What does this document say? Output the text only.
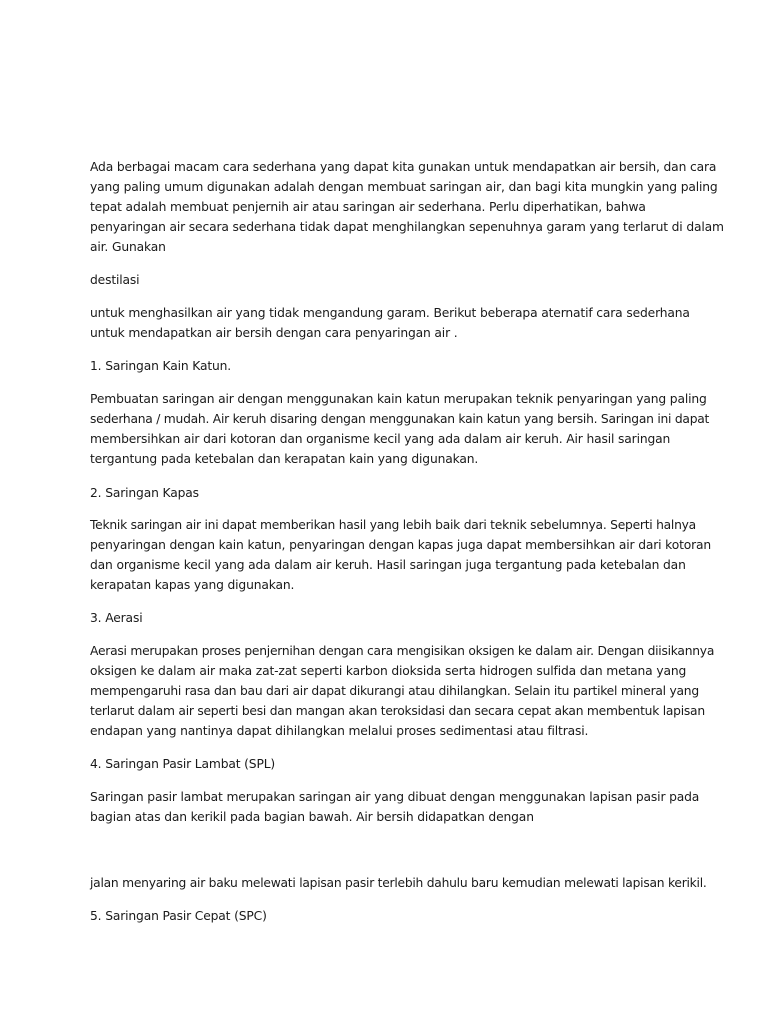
Ada berbagai macam cara sederhana yang dapat kita gunakan untuk mendapatkan air bersih, dan cara

yang paling umum digunakan adalah dengan membuat saringan air, dan bagi kita mungkin yang paling

tepat adalah membuat penjernih air atau saringan air sederhana. Perlu diperhatikan, bahwa

penyaringan air secara sederhana tidak dapat menghilangkan sepenuhnya garam yang terlarut di dalam

air. Gunakan

destilasi

untuk menghasilkan air yang tidak mengandung garam. Berikut beberapa aternatif cara sederhana

untuk mendapatkan air bersih dengan cara penyaringan air .

1. Saringan Kain Katun.

Pembuatan saringan air dengan menggunakan kain katun merupakan teknik penyaringan yang paling

sederhana / mudah. Air keruh disaring dengan menggunakan kain katun yang bersih. Saringan ini dapat

membersihkan air dari kotoran dan organisme kecil yang ada dalam air keruh. Air hasil saringan

tergantung pada ketebalan dan kerapatan kain yang digunakan.

2. Saringan Kapas

Teknik saringan air ini dapat memberikan hasil yang lebih baik dari teknik sebelumnya. Seperti halnya

penyaringan dengan kain katun, penyaringan dengan kapas juga dapat membersihkan air dari kotoran

dan organisme kecil yang ada dalam air keruh. Hasil saringan juga tergantung pada ketebalan dan

kerapatan kapas yang digunakan.

3. Aerasi

Aerasi merupakan proses penjernihan dengan cara mengisikan oksigen ke dalam air. Dengan diisikannya

oksigen ke dalam air maka zat-zat seperti karbon dioksida serta hidrogen sulfida dan metana yang

mempengaruhi rasa dan bau dari air dapat dikurangi atau dihilangkan. Selain itu partikel mineral yang

terlarut dalam air seperti besi dan mangan akan teroksidasi dan secara cepat akan membentuk lapisan

endapan yang nantinya dapat dihilangkan melalui proses sedimentasi atau filtrasi.

4. Saringan Pasir Lambat (SPL)

Saringan pasir lambat merupakan saringan air yang dibuat dengan menggunakan lapisan pasir pada

bagian atas dan kerikil pada bagian bawah. Air bersih didapatkan dengan

jalan menyaring air baku melewati lapisan pasir terlebih dahulu baru kemudian melewati lapisan kerikil.

5. Saringan Pasir Cepat (SPC)
